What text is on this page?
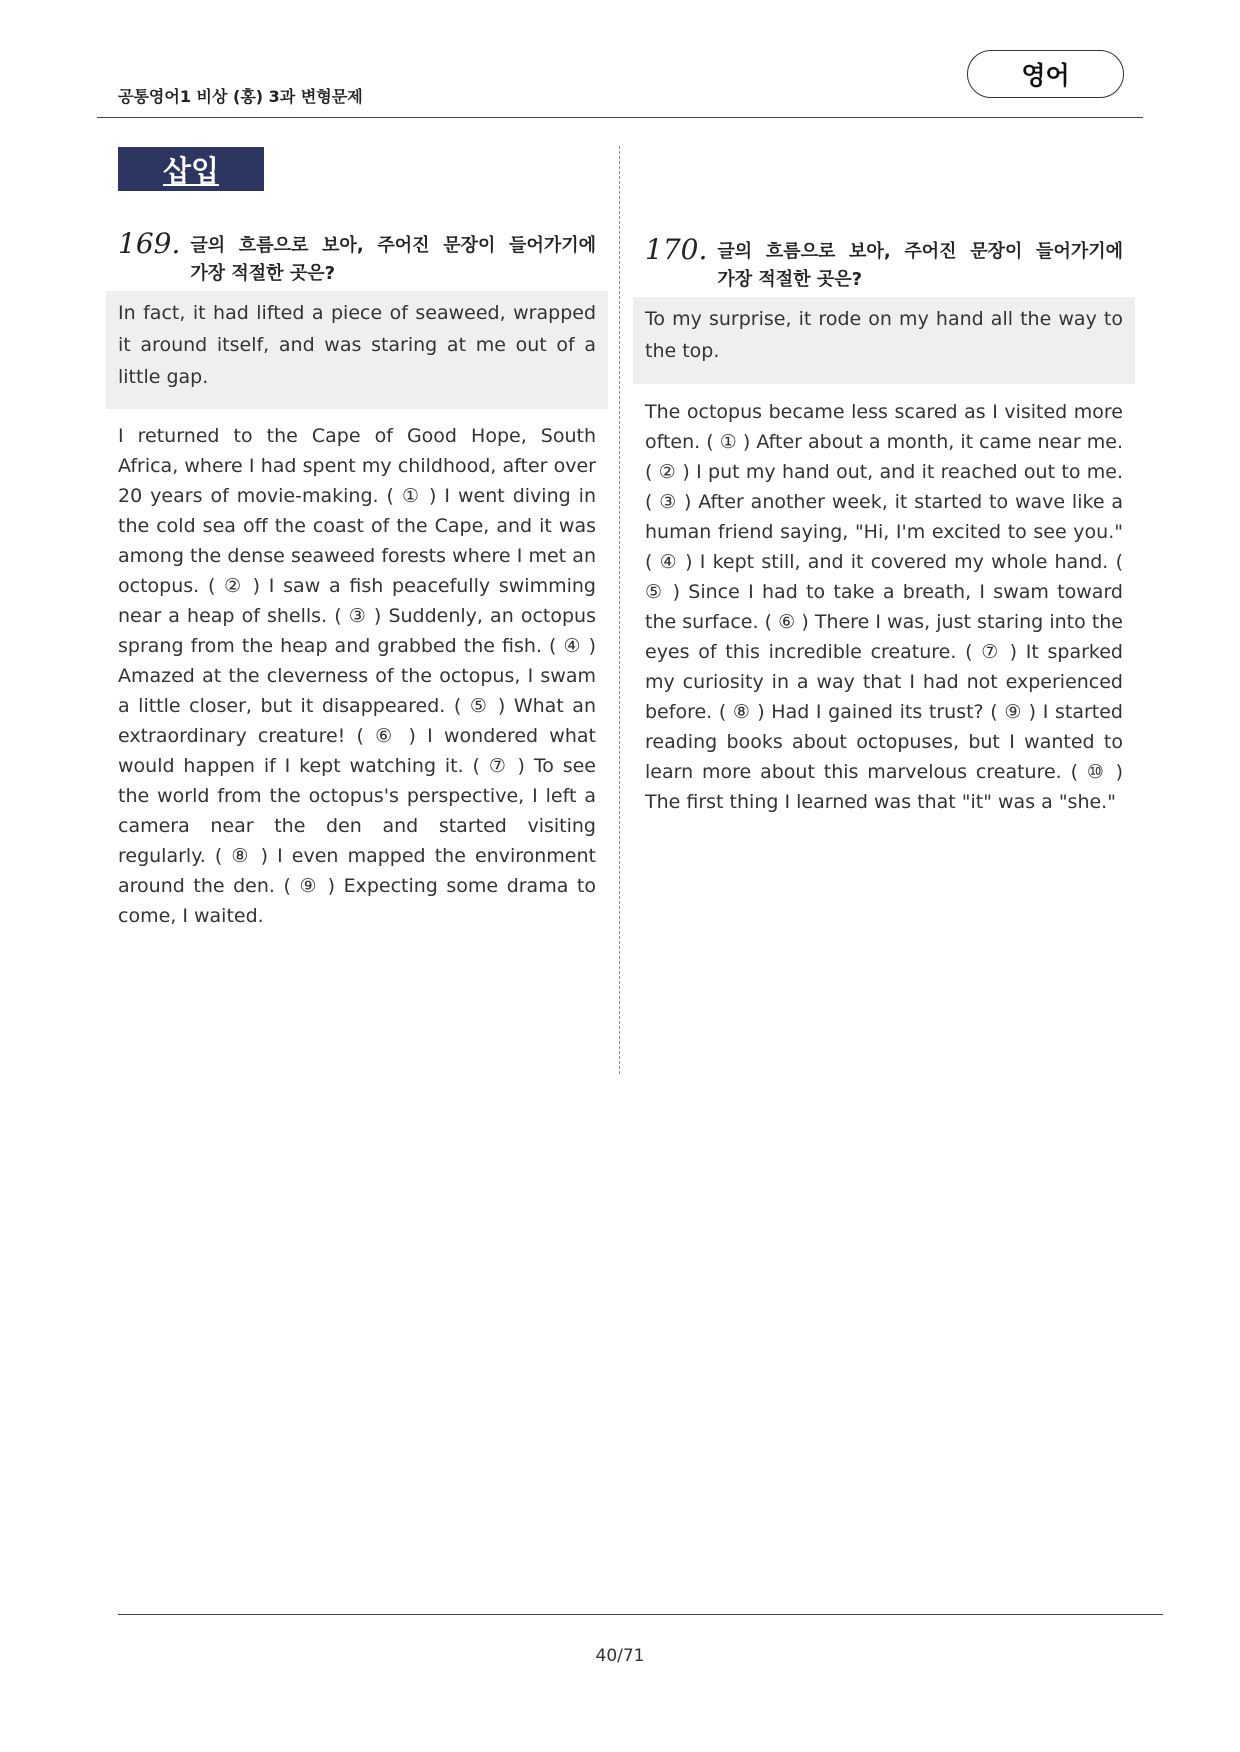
공통영어1 비상 (홍) 3과 변형문제
영어
삽입
169. 글의 흐름으로 보아, 주어진 문장이 들어가기에
가장 적절한 곳은?
In fact, it had lifted a piece of seaweed, wrapped it around itself, and was staring at me out of a little gap.
I returned to the Cape of Good Hope, South Africa, where I had spent my childhood, after over 20 years of movie-making. ( ① ) I went diving in the cold sea off the coast of the Cape, and it was among the dense seaweed forests where I met an octopus. ( ② ) I saw a fish peacefully swimming near a heap of shells. ( ③ ) Suddenly, an octopus sprang from the heap and grabbed the fish. ( ④ ) Amazed at the cleverness of the octopus, I swam a little closer, but it disappeared. ( ⑤ ) What an extraordinary creature! ( ⑥ ) I wondered what would happen if I kept watching it. ( ⑦ ) To see the world from the octopus's perspective, I left a camera near the den and started visiting regularly. ( ⑧ ) I even mapped the environment around the den. ( ⑨ ) Expecting some drama to come, I waited.
170. 글의 흐름으로 보아, 주어진 문장이 들어가기에
가장 적절한 곳은?
To my surprise, it rode on my hand all the way to the top.
The octopus became less scared as I visited more often. ( ① ) After about a month, it came near me. ( ② ) I put my hand out, and it reached out to me. ( ③ ) After another week, it started to wave like a human friend saying, "Hi, I'm excited to see you." ( ④ ) I kept still, and it covered my whole hand. ( ⑤ ) Since I had to take a breath, I swam toward the surface. ( ⑥ ) There I was, just staring into the eyes of this incredible creature. ( ⑦ ) It sparked my curiosity in a way that I had not experienced before. ( ⑧ ) Had I gained its trust? ( ⑨ ) I started reading books about octopuses, but I wanted to learn more about this marvelous creature. ( ⑩ ) The first thing I learned was that "it" was a "she."
40/71
